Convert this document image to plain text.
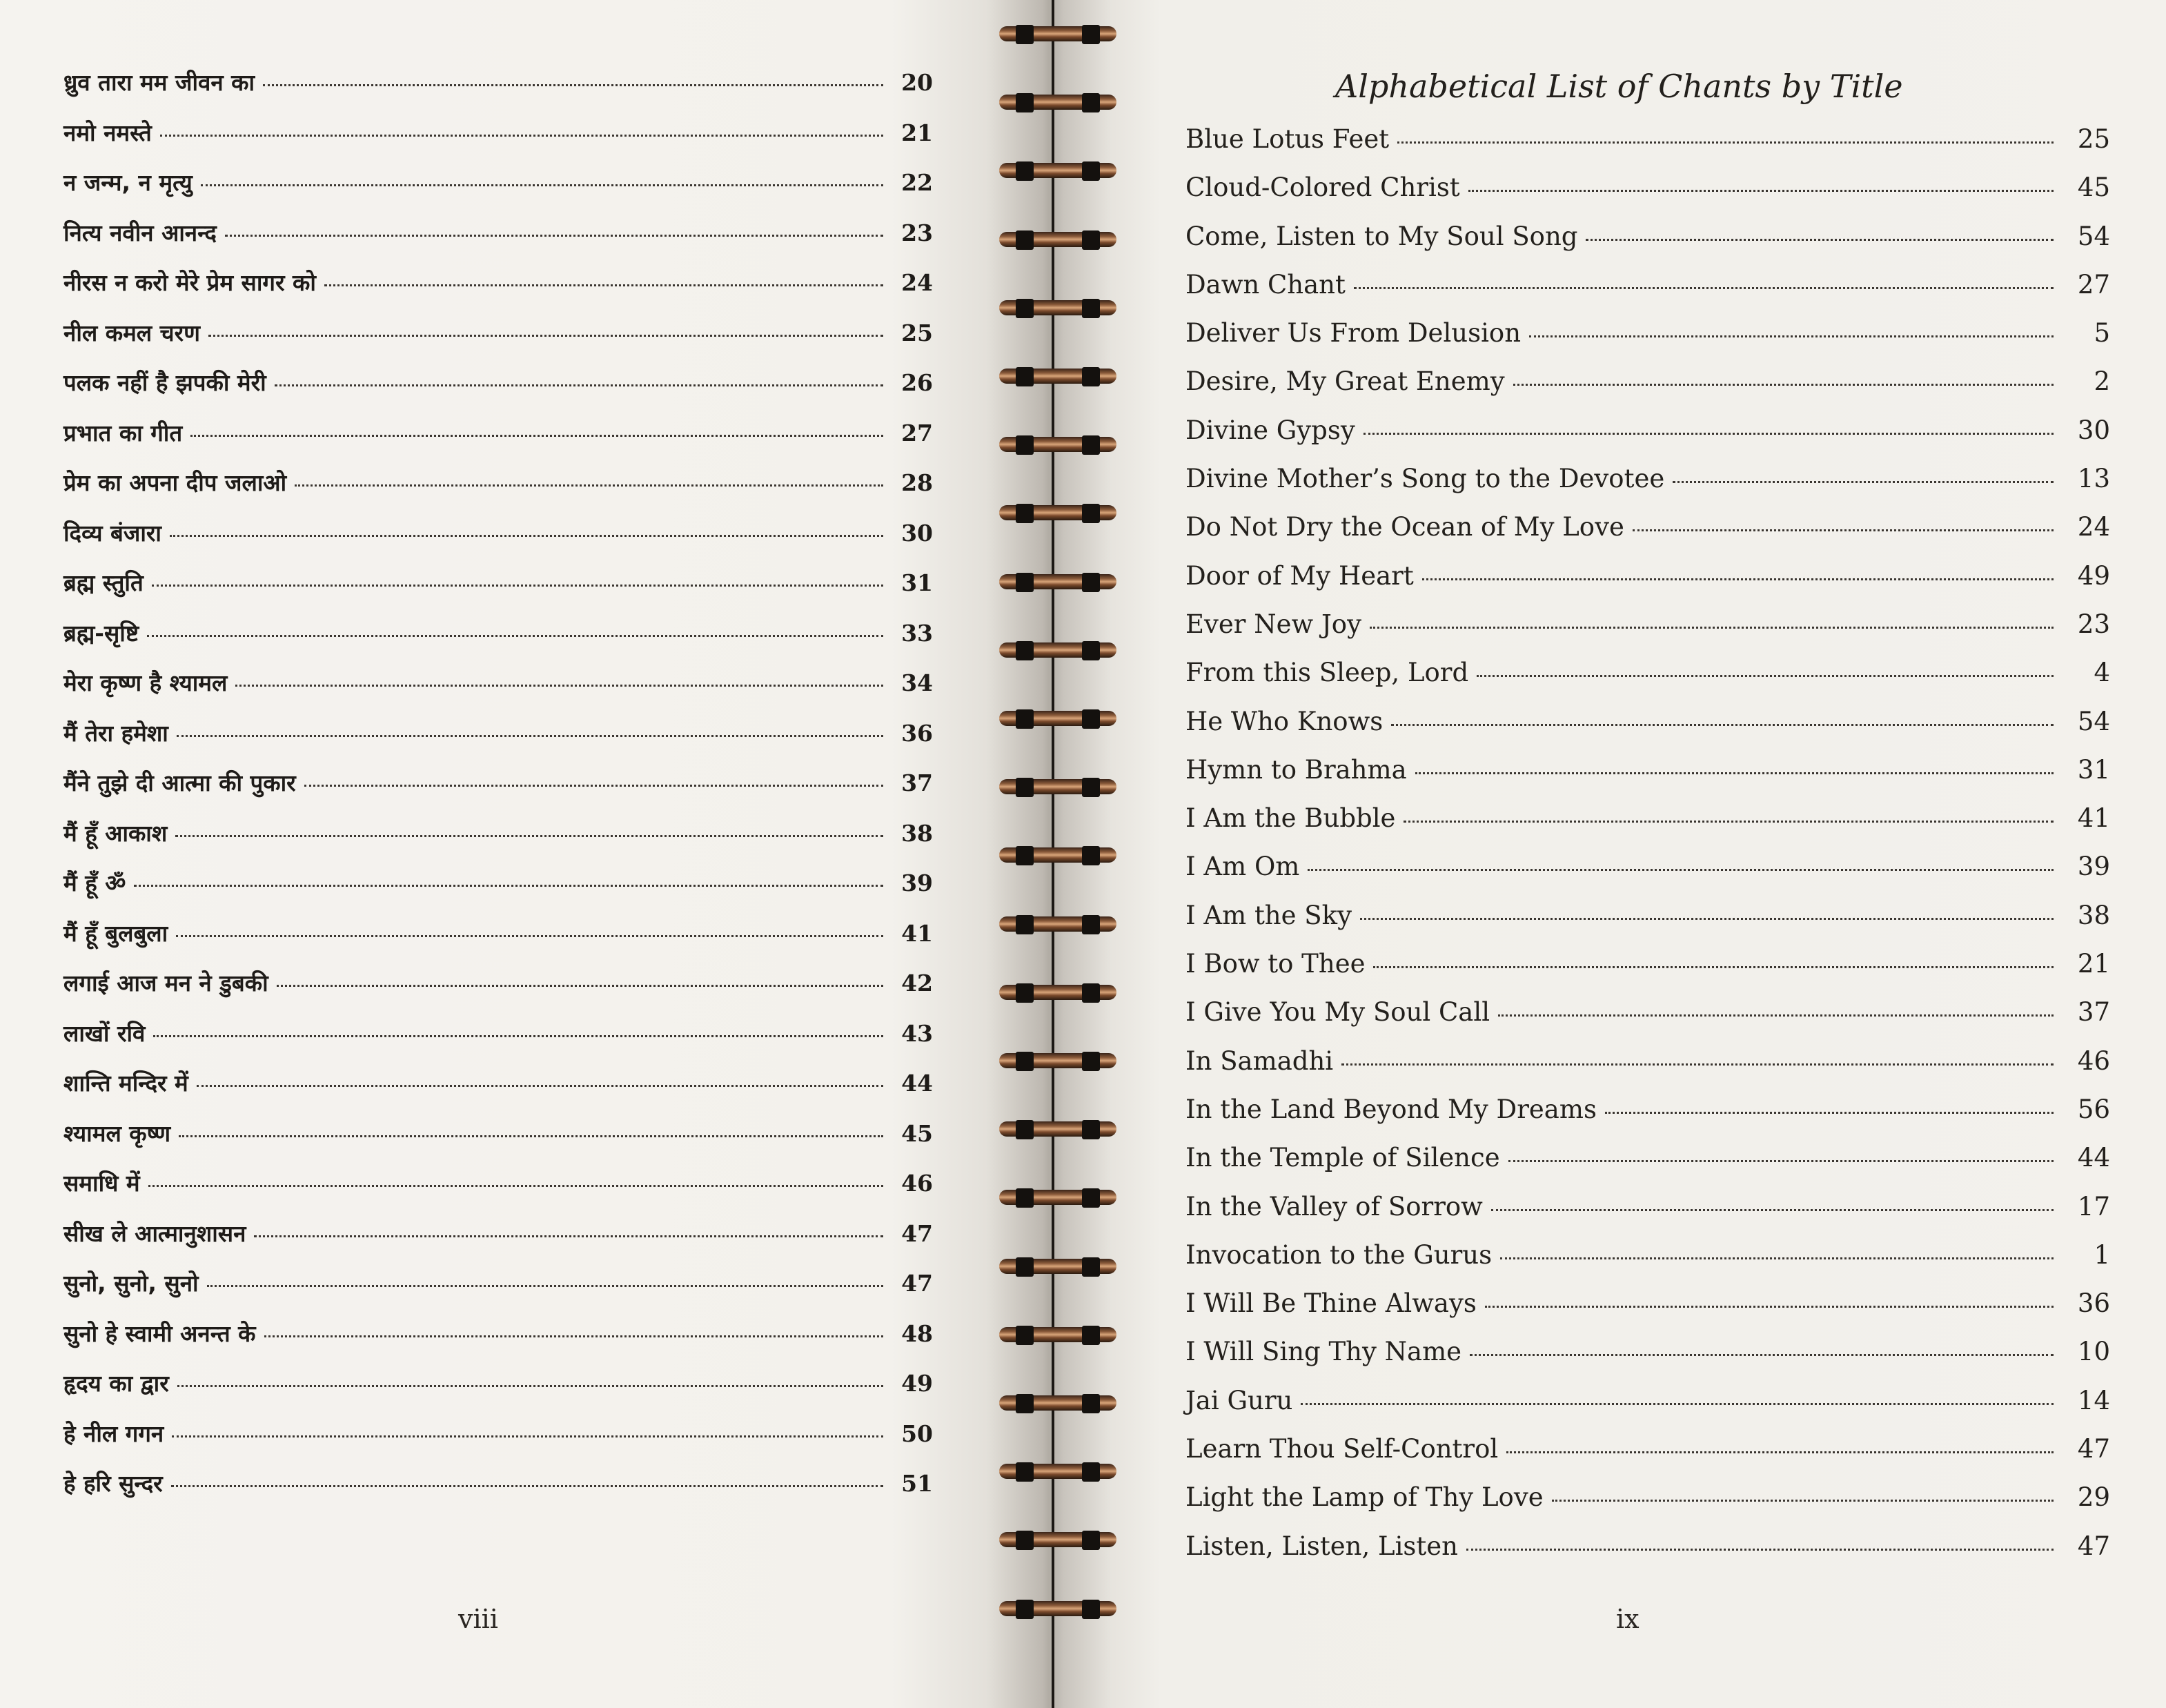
ध्रुव तारा मम जीवन का	20
नमो नमस्ते	21
न जन्म, न मृत्यु	22
नित्य नवीन आनन्द	23
नीरस न करो मेरे प्रेम सागर को	24
नील कमल चरण	25
पलक नहीं है झपकी मेरी	26
प्रभात का गीत	27
प्रेम का अपना दीप जलाओ	28
दिव्य बंजारा	30
ब्रह्म स्तुति	31
ब्रह्म-सृष्टि	33
मेरा कृष्ण है श्यामल	34
मैं तेरा हमेशा	36
मैंने तुझे दी आत्मा की पुकार	37
मैं हूँ आकाश	38
मैं हूँ ॐ	39
मैं हूँ बुलबुला	41
लगाई आज मन ने डुबकी	42
लाखों रवि	43
शान्ति मन्दिर में	44
श्यामल कृष्ण	45
समाधि में	46
सीख ले आत्मानुशासन	47
सुनो, सुनो, सुनो	47
सुनो हे स्वामी अनन्त के	48
हृदय का द्वार	49
हे नील गगन	50
हे हरि सुन्दर	51
viii
Alphabetical List of Chants by Title
Blue Lotus Feet	25
Cloud-Colored Christ	45
Come, Listen to My Soul Song	54
Dawn Chant	27
Deliver Us From Delusion	5
Desire, My Great Enemy	2
Divine Gypsy	30
Divine Mother’s Song to the Devotee	13
Do Not Dry the Ocean of My Love	24
Door of My Heart	49
Ever New Joy	23
From this Sleep, Lord	4
He Who Knows	54
Hymn to Brahma	31
I Am the Bubble	41
I Am Om	39
I Am the Sky	38
I Bow to Thee	21
I Give You My Soul Call	37
In Samadhi	46
In the Land Beyond My Dreams	56
In the Temple of Silence	44
In the Valley of Sorrow	17
Invocation to the Gurus	1
I Will Be Thine Always	36
I Will Sing Thy Name	10
Jai Guru	14
Learn Thou Self-Control	47
Light the Lamp of Thy Love	29
Listen, Listen, Listen	47
ix
